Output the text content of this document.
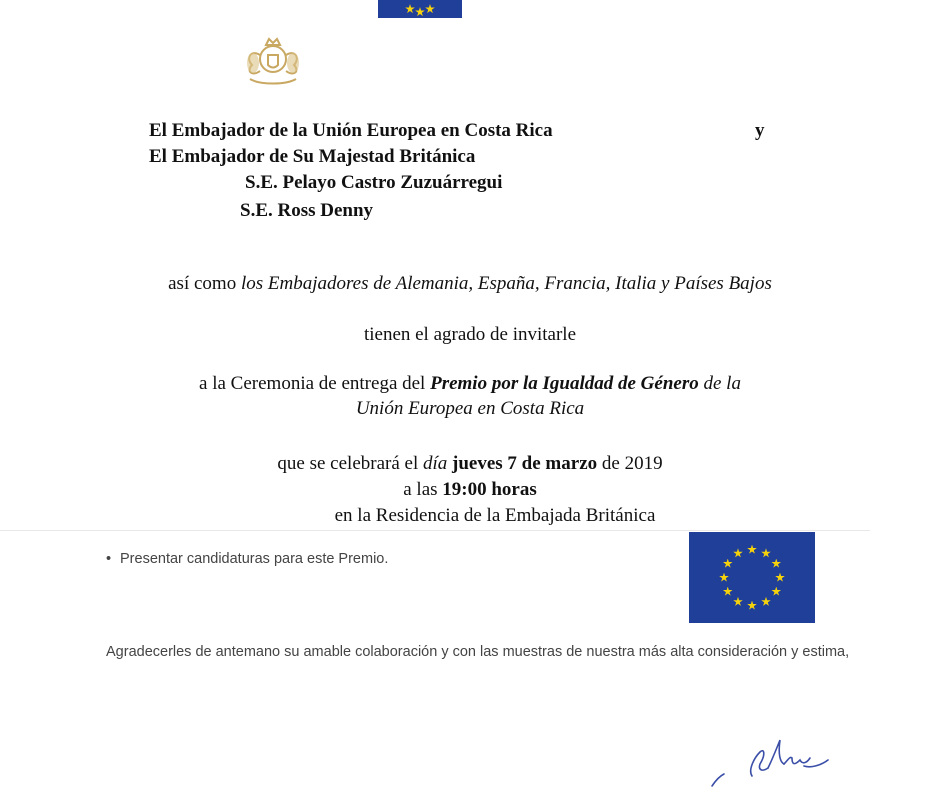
El Embajador de la Unión Europea en Costa Rica	y
El Embajador de Su Majestad Británica
S.E. Pelayo Castro Zuzuárregui
S.E. Ross Denny
así como los Embajadores de Alemania, España, Francia, Italia y Países Bajos
tienen el agrado de invitarle
a la Ceremonia de entrega del Premio por la Igualdad de Género de la
Unión Europea en Costa Rica
que se celebrará el día jueves 7 de marzo de 2019
a las 19:00 horas
en la Residencia de la Embajada Británica
• Presentar candidaturas para este Premio.
Agradecerles de antemano su amable colaboración y con las muestras de nuestra más alta consideración y estima,
